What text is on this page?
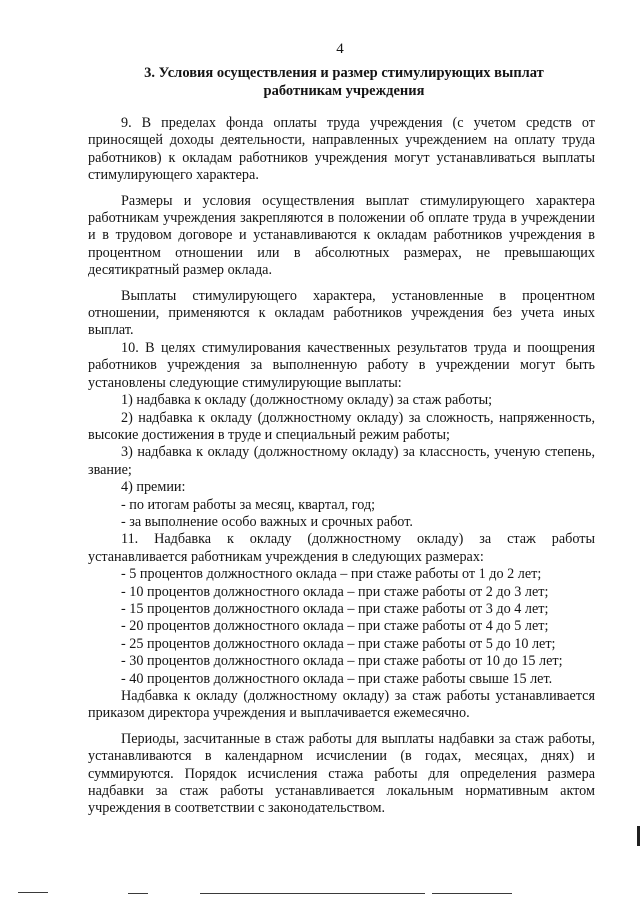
4
3. Условия осуществления и размер стимулирующих выплат
работникам учреждения

9. В пределах фонда оплаты труда учреждения (с учетом средств от приносящей доходы деятельности, направленных учреждением на оплату труда работников) к окладам работников учреждения могут устанавливаться выплаты стимулирующего характера.

Размеры и условия осуществления выплат стимулирующего характера работникам учреждения закрепляются в положении об оплате труда в учреждении и в трудовом договоре и устанавливаются к окладам работников учреждения в процентном отношении или в абсолютных размерах, не превышающих десятикратный размер оклада.

Выплаты стимулирующего характера, установленные в процентном отношении, применяются к окладам работников учреждения без учета иных выплат.

10. В целях стимулирования качественных результатов труда и поощрения работников учреждения за выполненную работу в учреждении могут быть установлены следующие стимулирующие выплаты:

1) надбавка к окладу (должностному окладу) за стаж работы;

2) надбавка к окладу (должностному окладу) за сложность, напряженность, высокие достижения в труде и специальный режим работы;

3) надбавка к окладу (должностному окладу) за классность, ученую степень, звание;

4) премии:

- по итогам работы за месяц, квартал, год;

- за выполнение особо важных и срочных работ.

11. Надбавка к окладу (должностному окладу) за стаж работы устанавливается работникам учреждения в следующих размерах:

- 5 процентов должностного оклада – при стаже работы от 1 до 2 лет;

- 10 процентов должностного оклада – при стаже работы от 2 до 3 лет;

- 15 процентов должностного оклада – при стаже работы от 3 до 4 лет;

- 20 процентов должностного оклада – при стаже работы от 4 до 5 лет;

- 25 процентов должностного оклада – при стаже работы от 5 до 10 лет;

- 30 процентов должностного оклада – при стаже работы от 10 до 15 лет;

- 40 процентов должностного оклада – при стаже работы свыше 15 лет.

Надбавка к окладу (должностному окладу) за стаж работы устанавливается приказом директора учреждения и выплачивается ежемесячно.

Периоды, засчитанные в стаж работы для выплаты надбавки за стаж работы, устанавливаются в календарном исчислении (в годах, месяцах, днях) и суммируются. Порядок исчисления стажа работы для определения размера надбавки за стаж работы устанавливается локальным нормативным актом учреждения в соответствии с законодательством.
